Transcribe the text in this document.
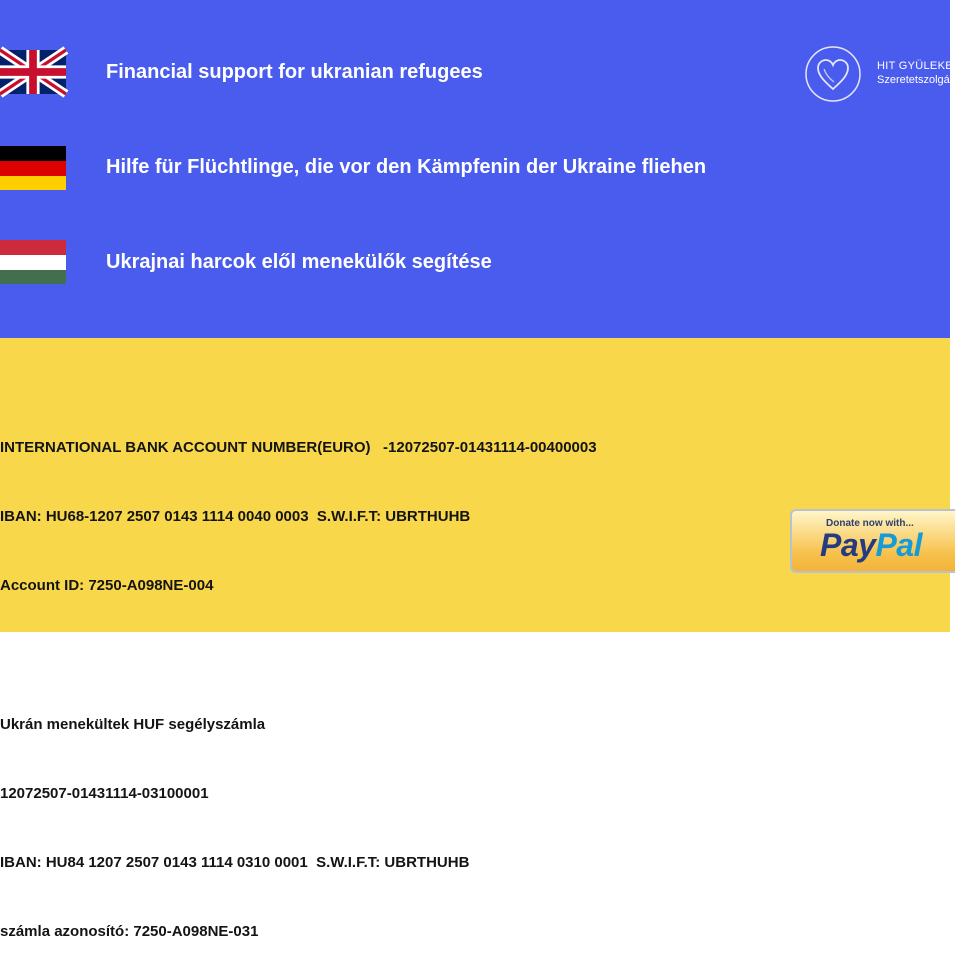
Financial support for ukranian refugees
Hilfe für Flüchtlinge, die vor den Kämpfenin der Ukraine fliehen
Ukrajnai harcok elől menekülők segítése
HIT GYÜLEKEZ
Szeretetszolgá

INTERNATIONAL BANK ACCOUNT NUMBER(EURO)   -12072507-01431114-00400003

IBAN: HU68-1207 2507 0143 1114 0040 0003  S.W.I.F.T: UBRTHUHB

Account ID: 7250-A098NE-004

Ukrán menekültek HUF segélyszámla

12072507-01431114-03100001

IBAN: HU84 1207 2507 0143 1114 0310 0001  S.W.I.F.T: UBRTHUHB

számla azonosító: 7250-A098NE-031

Donate now with...
PayPal
